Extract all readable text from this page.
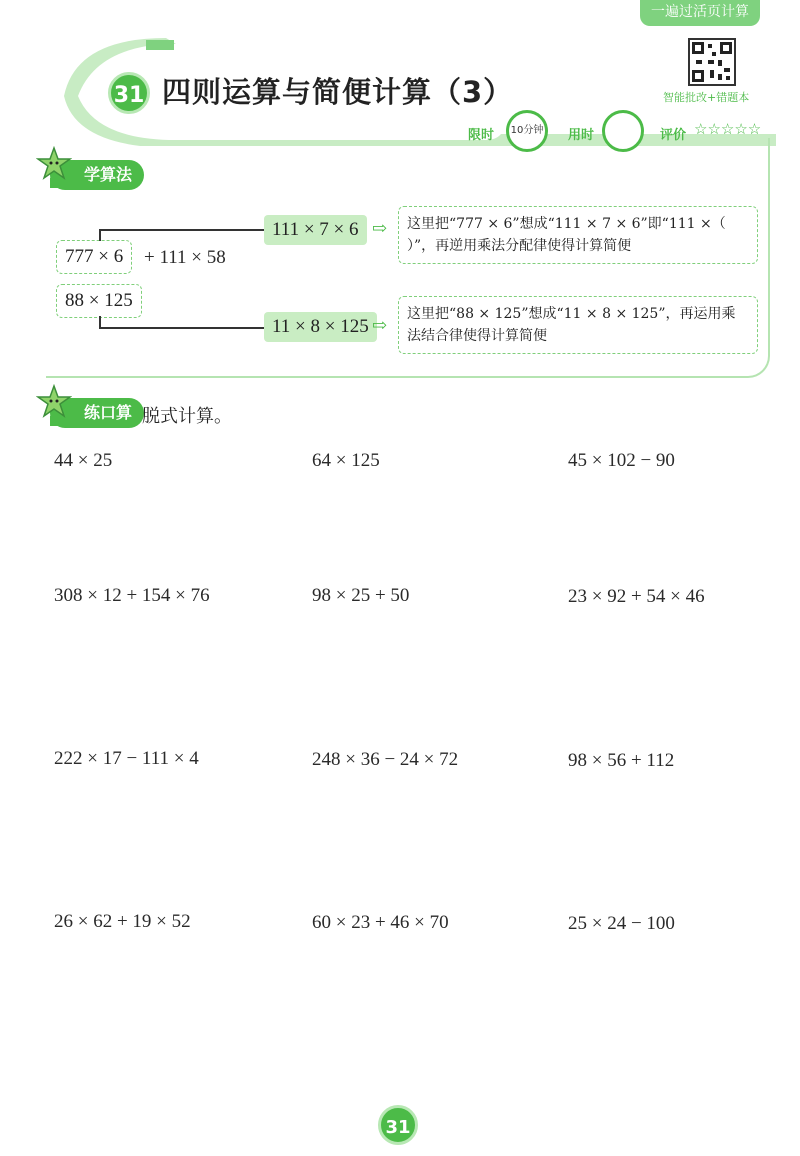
一遍过活页计算
31 四则运算与简便计算（3）	智能批改+错题本
限时	10分钟	用时	评价 ☆☆☆☆☆
学算法
777 × 6	+ 111 × 58
111 × 7 × 6 ⇨	这里把“777 × 6”想成“111 × 7 × 6”即“111 ×（ ）”，再逆用乘法分配律使得计算简便
88 × 125
11 × 8 × 125 ⇨
这里把“88 × 125”想成“11 × 8 × 125”，再运用乘法结合律使得计算简便
练口算 脱式计算。
44 × 25	64 × 125	45 × 102 − 90
308 × 12 + 154 × 76	98 × 25 + 50	23 × 92 + 54 × 46
222 × 17 − 111 × 4	248 × 36 − 24 × 72	98 × 56 + 112
26 × 62 + 19 × 52	60 × 23 + 46 × 70	25 × 24 − 100
31
